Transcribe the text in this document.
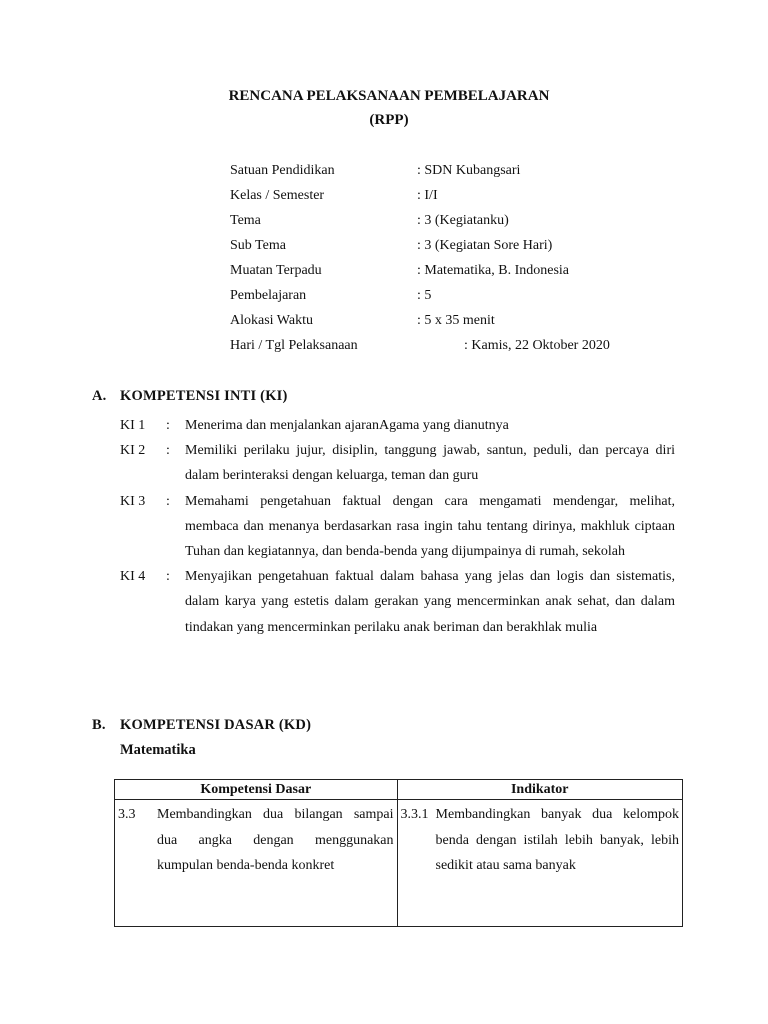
RENCANA PELAKSANAAN PEMBELAJARAN
(RPP)
Satuan Pendidikan	: SDN Kubangsari
Kelas / Semester	: I/I
Tema	: 3 (Kegiatanku)
Sub Tema	: 3 (Kegiatan Sore Hari)
Muatan Terpadu	: Matematika, B. Indonesia
Pembelajaran	: 5
Alokasi Waktu	: 5 x 35 menit
Hari / Tgl Pelaksanaan	: Kamis, 22 Oktober 2020
A. KOMPETENSI INTI (KI)
KI 1 : Menerima dan menjalankan ajaranAgama yang dianutnya
KI 2 : Memiliki perilaku jujur, disiplin, tanggung jawab, santun, peduli, dan percaya diri dalam berinteraksi dengan keluarga, teman dan guru
KI 3 : Memahami pengetahuan faktual dengan cara mengamati mendengar, melihat, membaca dan menanya berdasarkan rasa ingin tahu tentang dirinya, makhluk ciptaan Tuhan dan kegiatannya, dan benda-benda yang dijumpainya di rumah, sekolah
KI 4 : Menyajikan pengetahuan faktual dalam bahasa yang jelas dan logis dan sistematis, dalam karya yang estetis dalam gerakan yang mencerminkan anak sehat, dan dalam tindakan yang mencerminkan perilaku anak beriman dan berakhlak mulia
B. KOMPETENSI DASAR (KD)
Matematika
Kompetensi Dasar	Indikator

3.3 Membandingkan dua bilangan sampai dua angka dengan menggunakan kumpulan benda-benda konkret	3.3.1 Membandingkan banyak dua kelompok benda dengan istilah lebih banyak, lebih sedikit atau sama banyak
